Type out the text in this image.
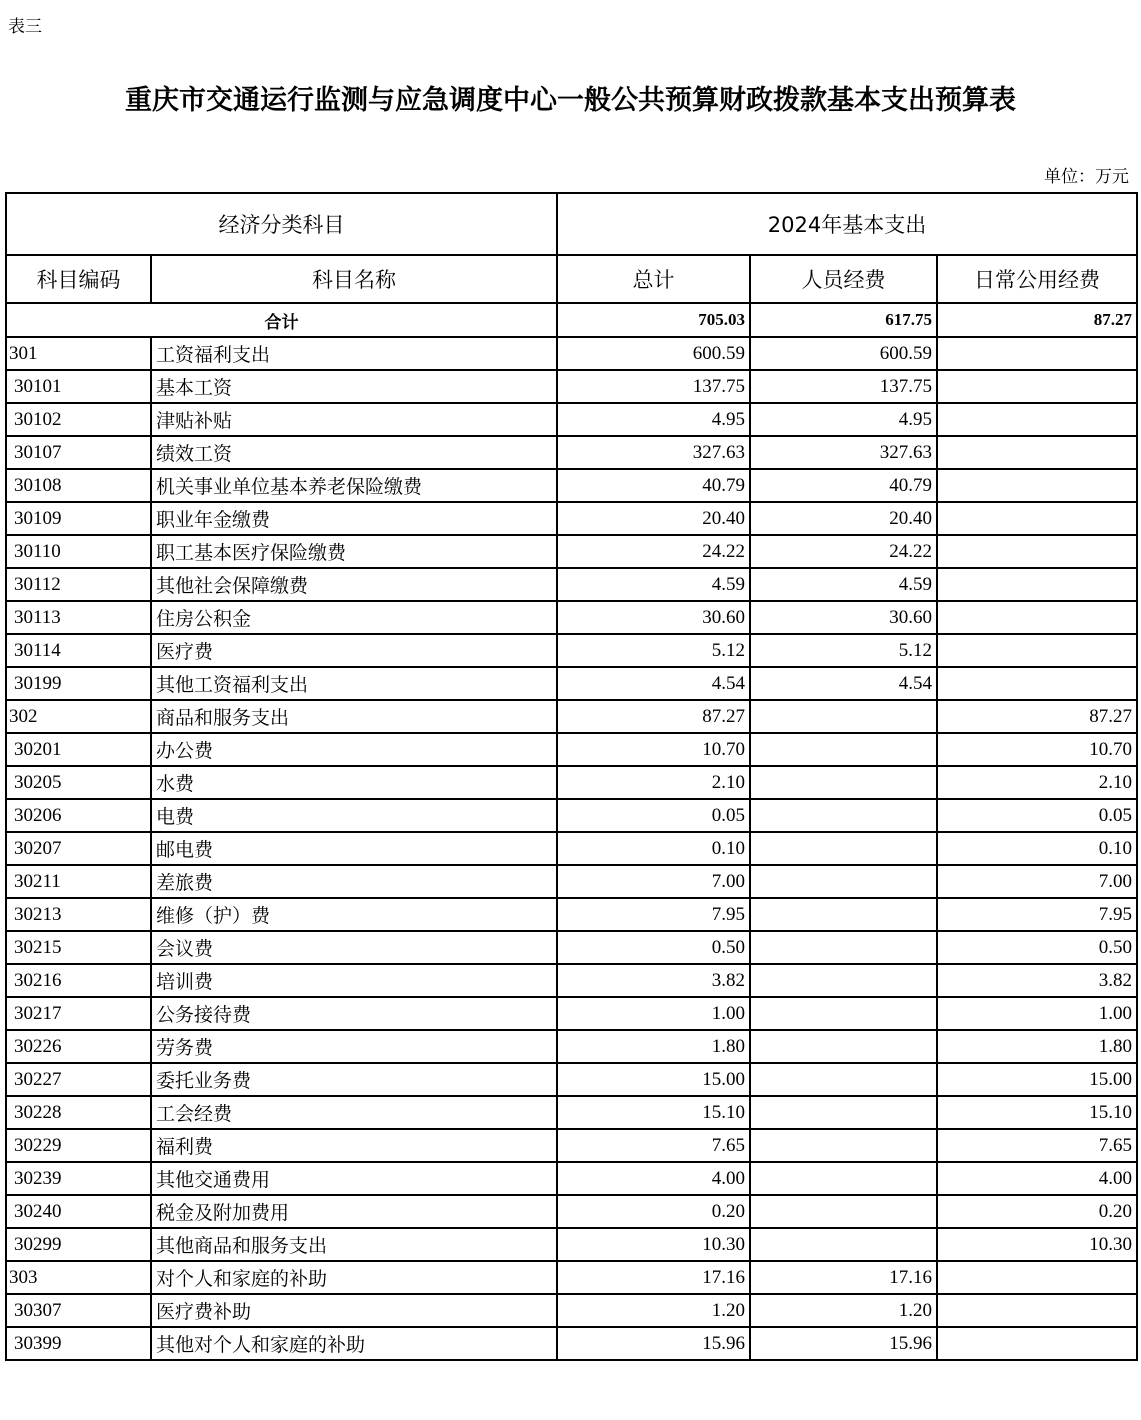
表三
重庆市交通运行监测与应急调度中心一般公共预算财政拨款基本支出预算表
单位：万元
经济分类科目		2024年基本支出		
科目编码	科目名称	总计	人员经费	日常公用经费
合计		705.03	617.75	87.27
301	工资福利支出	600.59	600.59	
30101	基本工资	137.75	137.75	
30102	津贴补贴	4.95	4.95	
30107	绩效工资	327.63	327.63	
30108	机关事业单位基本养老保险缴费	40.79	40.79	
30109	职业年金缴费	20.40	20.40	
30110	职工基本医疗保险缴费	24.22	24.22	
30112	其他社会保障缴费	4.59	4.59	
30113	住房公积金	30.60	30.60	
30114	医疗费	5.12	5.12	
30199	其他工资福利支出	4.54	4.54	
302	商品和服务支出	87.27		87.27
30201	办公费	10.70		10.70
30205	水费	2.10		2.10
30206	电费	0.05		0.05
30207	邮电费	0.10		0.10
30211	差旅费	7.00		7.00
30213	维修（护）费	7.95		7.95
30215	会议费	0.50		0.50
30216	培训费	3.82		3.82
30217	公务接待费	1.00		1.00
30226	劳务费	1.80		1.80
30227	委托业务费	15.00		15.00
30228	工会经费	15.10		15.10
30229	福利费	7.65		7.65
30239	其他交通费用	4.00		4.00
30240	税金及附加费用	0.20		0.20
30299	其他商品和服务支出	10.30		10.30
303	对个人和家庭的补助	17.16	17.16	
30307	医疗费补助	1.20	1.20	
30399	其他对个人和家庭的补助	15.96	15.96	
